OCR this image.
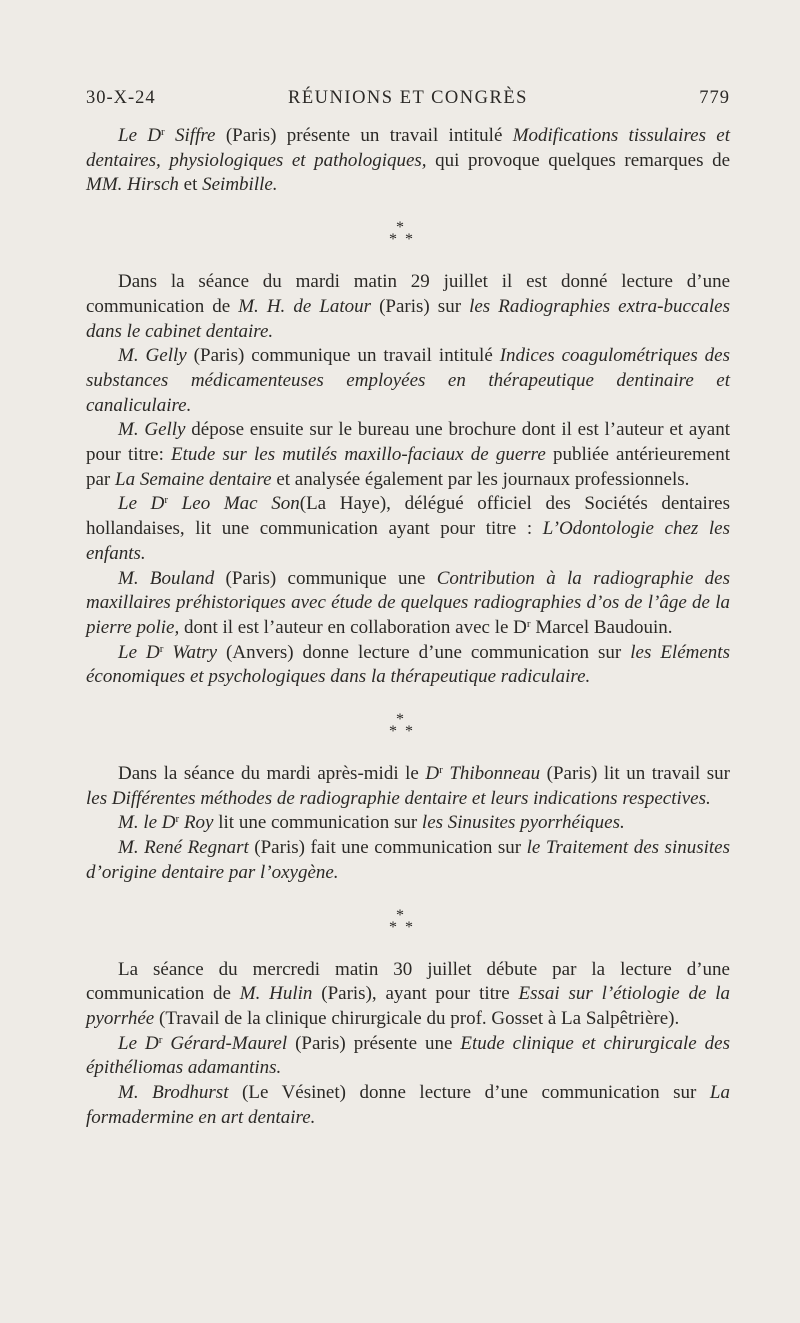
30-X-24	RÉUNIONS ET CONGRÈS	779

Le $D^r$ Siffre (Paris) présente un travail intitulé Modifications tissulaires et dentaires, physiologiques et pathologiques, qui provoque quelques remarques de MM. Hirsch et Seimbille.

*
* *

Dans la séance du mardi matin 29 juillet il est donné lecture d’une communication de M. H. de Latour (Paris) sur les Radiographies extra-buccales dans le cabinet dentaire.

M. Gelly (Paris) communique un travail intitulé Indices coagulométriques des substances médicamenteuses employées en thérapeutique dentinaire et canaliculaire.

M. Gelly dépose ensuite sur le bureau une brochure dont il est l’auteur et ayant pour titre: Etude sur les mutilés maxillo-faciaux de guerre publiée antérieurement par La Semaine dentaire et analysée également par les journaux professionnels.

Le $D^r$ Leo Mac Son(La Haye), délégué officiel des Sociétés dentaires hollandaises, lit une communication ayant pour titre : L’Odontologie chez les enfants.

M. Bouland (Paris) communique une Contribution à la radiographie des maxillaires préhistoriques avec étude de quelques radiographies d’os de l’âge de la pierre polie, dont il est l’auteur en collaboration avec le $D^r$ Marcel Baudouin.

Le $D^r$ Watry (Anvers) donne lecture d’une communication sur les Eléments économiques et psychologiques dans la thérapeutique radiculaire.

*
* *

Dans la séance du mardi après-midi le $D^r$ Thibonneau (Paris) lit un travail sur les Différentes méthodes de radiographie dentaire et leurs indications respectives.

M. le $D^r$ Roy lit une communication sur les Sinusites pyorrhéiques.

M. René Regnart (Paris) fait une communication sur le Traitement des sinusites d’origine dentaire par l’oxygène.

*
* *

La séance du mercredi matin 30 juillet débute par la lecture d’une communication de M. Hulin (Paris), ayant pour titre Essai sur l’étiologie de la pyorrhée (Travail de la clinique chirurgicale du prof. Gosset à La Salpêtrière).

Le $D^r$ Gérard-Maurel (Paris) présente une Etude clinique et chirurgicale des épithéliomas adamantins.

M. Brodhurst (Le Vésinet) donne lecture d’une communication sur La formadermine en art dentaire.
